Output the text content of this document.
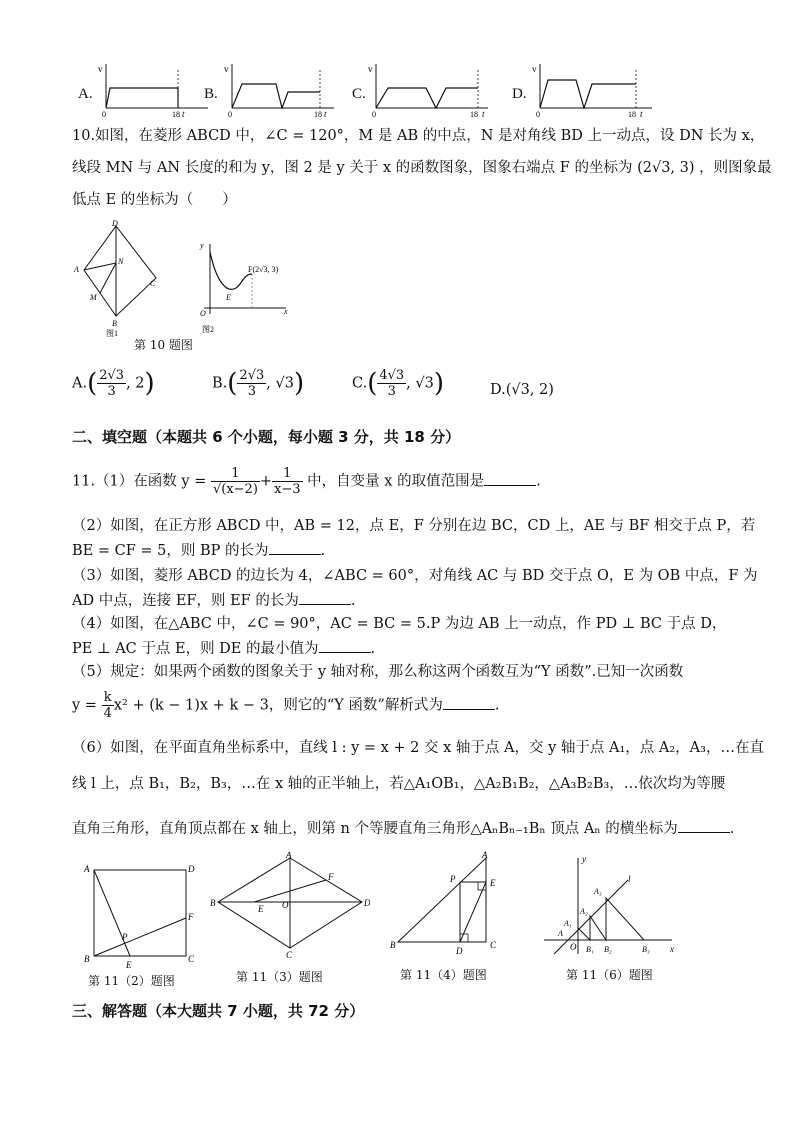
A.
v
0	18 t
B.
v
0	18 t
C.
v
0	18 t
D.
v
0	18 t
10.如图，在菱形 ABCD 中，∠C = 120°，M 是 AB 的中点，N 是对角线 BD 上一动点，设 DN 长为 x，
线段 MN 与 AN 长度的和为 y，图 2 是 y 关于 x 的函数图象，图象右端点 F 的坐标为 (2√3, 3) ，则图象最
低点 E 的坐标为（　　）
D
A
C
B
N
M
图1
y
x
O
E
F(2√3, 3)
图2
第 10 题图
$A.( \frac{2√3}{3}$ , 2)	$B.( \frac{2√3}{3}$ , √3)	$C.( \frac{4√3}{3}$ , √3)	D.(√3, 2)
二、填空题（本题共 6 个小题，每小题 3 分，共 18 分）
11.（1）在函数 $y = \frac{1}{√(x-2)} + \frac{1}{x-3}$ 中，自变量 x 的取值范围是	.
（2）如图，在正方形 ABCD 中，AB = 12，点 E，F 分别在边 BC，CD 上，AE 与 BF 相交于点 P，若
BE = CF = 5，则 BP 的长为	.
（3）如图，菱形 ABCD 的边长为 4，∠ABC = 60°，对角线 AC 与 BD 交于点 O，E 为 OB 中点，F 为
AD 中点，连接 EF，则 EF 的长为	.
（4）如图，在△ABC 中，∠C = 90°，AC = BC = 5.P 为边 AB 上一动点，作 PD ⊥ BC 于点 D，
PE ⊥ AC 于点 E，则 DE 的最小值为	.
（5）规定：如果两个函数的图象关于 y 轴对称，那么称这两个函数互为“Y 函数”.已知一次函数
$y = \frac{k}{4} x^2 + (k - 1)x + k - 3$，则它的“Y 函数”解析式为	.
（6）如图，在平面直角坐标系中，直线 l : y = x + 2 交 x 轴于点 A，交 y 轴于点 A₁，点 A₂，A₃，…在直
线 l 上，点 B₁，B₂，B₃，…在 x 轴的正半轴上，若△A₁OB₁，△A₂B₁B₂，△A₃B₂B₃，…依次均为等腰
直角三角形，直角顶点都在 x 轴上，则第 n 个等腰直角三角形△AₙBₙ₋₁Bₙ 顶点 Aₙ 的横坐标为	.
A	D
B	C
F
E
P
第 11（2）题图
A
B	D
C
F
E O
第 11（3）题图
A
B	C
D
E
P
第 11（4）题图
y
x
l
O
A
A₁
A₂
A₃
B₁ B₂	B₃
第 11（6）题图
三、解答题（本大题共 7 小题，共 72 分）
